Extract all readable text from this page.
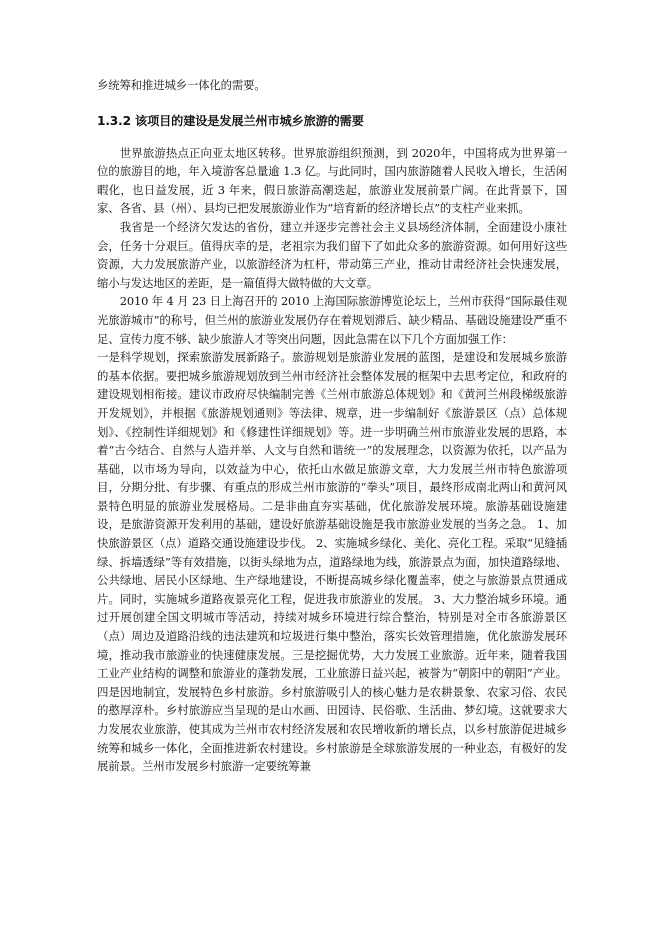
乡统筹和推进城乡一体化的需要。

1.3.2 该项目的建设是发展兰州市城乡旅游的需要

世界旅游热点正向亚太地区转移。世界旅游组织预测，到 2020年，中国将成为世界第一位的旅游目的地，年入境游客总量逾 1.3 亿。与此同时，国内旅游随着人民收入增长，生活闲暇化，也日益发展，近 3 年来，假日旅游高潮迭起，旅游业发展前景广阔。在此背景下，国家、各省、县（州）、县均已把发展旅游业作为“培育新的经济增长点”的支柱产业来抓。

我省是一个经济欠发达的省份，建立并逐步完善社会主义县场经济体制，全面建设小康社会，任务十分艰巨。值得庆幸的是，老祖宗为我们留下了如此众多的旅游资源。如何用好这些资源，大力发展旅游产业，以旅游经济为杠杆，带动第三产业，推动甘肃经济社会快速发展，缩小与发达地区的差距，是一篇值得大做特做的大文章。

2010 年 4 月 23 日上海召开的 2010 上海国际旅游博览论坛上，兰州市获得“国际最佳观光旅游城市”的称号，但兰州的旅游业发展仍存在着规划滞后、缺少精品、基础设施建设严重不足、宣传力度不够、缺少旅游人才等突出问题，因此急需在以下几个方面加强工作：

一是科学规划，探索旅游发展新路子。旅游规划是旅游业发展的蓝图，是建设和发展城乡旅游的基本依据。要把城乡旅游规划放到兰州市经济社会整体发展的框架中去思考定位，和政府的建设规划相衔接。建议市政府尽快编制完善《兰州市旅游总体规划》和《黄河兰州段梯级旅游开发规划》，并根据《旅游规划通则》等法律、规章，进一步编制好《旅游景区（点）总体规划》、《控制性详细规划》和《修建性详细规划》等。进一步明确兰州市旅游业发展的思路，本着“古今结合、自然与人造并举、人文与自然和谐统一”的发展理念，以资源为依托，以产品为基础，以市场为导向，以效益为中心，依托山水做足旅游文章，大力发展兰州市特色旅游项目，分期分批、有步骤、有重点的形成兰州市旅游的“拳头”项目，最终形成南北两山和黄河风景特色明显的旅游业发展格局。二是非曲直夯实基础，优化旅游发展环境。旅游基础设施建设，是旅游资源开发利用的基础，建设好旅游基础设施是我市旅游业发展的当务之急。 1、加快旅游景区（点）道路交通设施建设步伐。 2、实施城乡绿化、美化、亮化工程。采取“见缝插绿、拆墙透绿”等有效措施，以街头绿地为点，道路绿地为线，旅游景点为面，加快道路绿地、公共绿地、居民小区绿地、生产绿地建设，不断提高城乡绿化覆盖率，使之与旅游景点贯通成片。同时，实施城乡道路夜景亮化工程，促进我市旅游业的发展。 3、大力整治城乡环境。通过开展创建全国文明城市等活动，持续对城乡环境进行综合整治，特别是对全市各旅游景区（点）周边及道路沿线的违法建筑和垃圾进行集中整治，落实长效管理措施，优化旅游发展环境，推动我市旅游业的快速健康发展。三是挖掘优势，大力发展工业旅游。近年来，随着我国工业产业结构的调整和旅游业的蓬勃发展，工业旅游日益兴起，被誉为“朝阳中的朝阳”产业。四是因地制宜，发展特色乡村旅游。乡村旅游吸引人的核心魅力是农耕景象、农家习俗、农民的憨厚淳朴。乡村旅游应当呈现的是山水画、田园诗、民俗歌、生活曲、梦幻境。这就要求大力发展农业旅游，使其成为兰州市农村经济发展和农民增收新的增长点，以乡村旅游促进城乡统筹和城乡一体化，全面推进新农村建设。乡村旅游是全球旅游发展的一种业态，有极好的发展前景。兰州市发展乡村旅游一定要统筹兼
